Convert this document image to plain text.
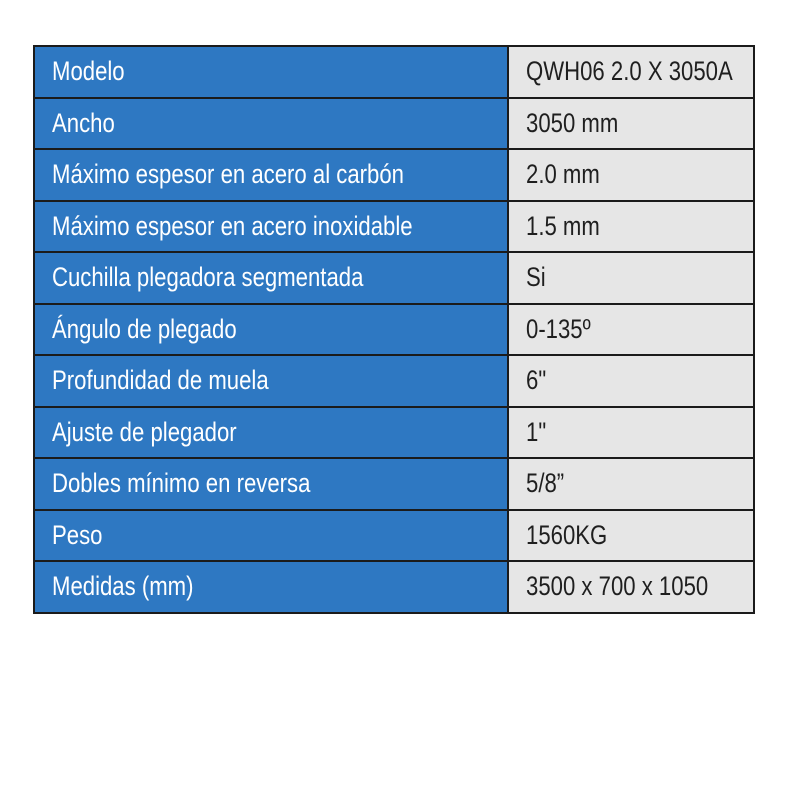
Modelo	QWH06 2.0 X 3050A
Ancho	3050 mm
Máximo espesor en acero al carbón	2.0 mm
Máximo espesor en acero inoxidable	1.5 mm
Cuchilla plegadora segmentada	Si
Ángulo de plegado	0-135º
Profundidad de muela	6"
Ajuste de plegador	1"
Dobles mínimo en reversa	5/8”
Peso	1560KG
Medidas (mm)	3500 x 700 x 1050
